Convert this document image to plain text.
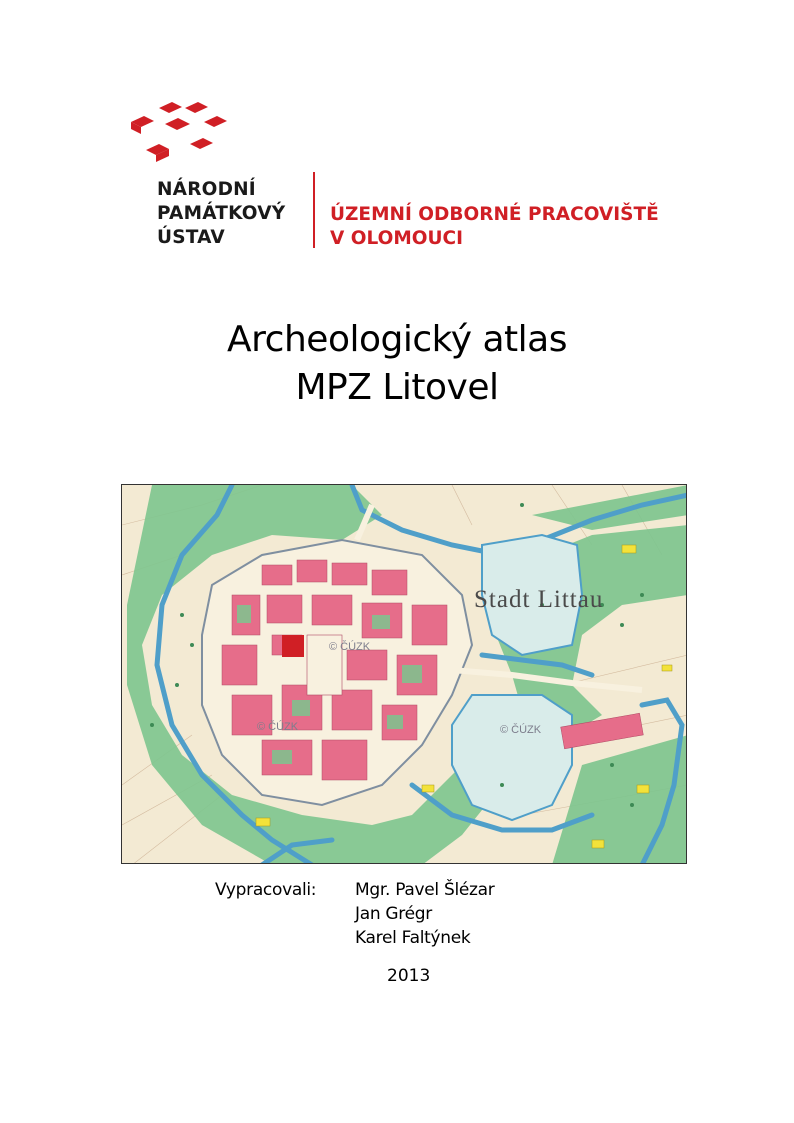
NÁRODNÍ
PAMÁTKOVÝ
ÚSTAV
ÚZEMNÍ ODBORNÉ PRACOVIŠTĚ
V OLOMOUCI
Archeologický atlas
MPZ Litovel
© ČÚZK
© ČÚZK	© ČÚZK
Stadt Littau
Vypracovali: Mgr. Pavel Šlézar
Jan Grégr
Karel Faltýnek
2013
